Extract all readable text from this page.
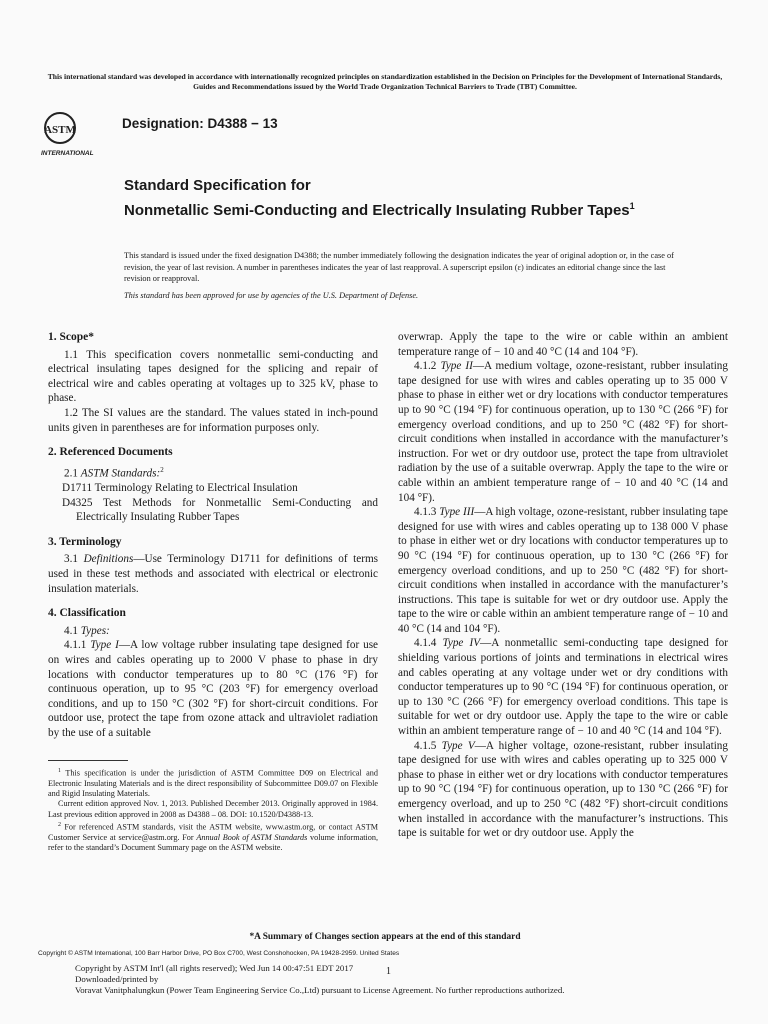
This international standard was developed in accordance with internationally recognized principles on standardization established in the Decision on Principles for the Development of International Standards, Guides and Recommendations issued by the World Trade Organization Technical Barriers to Trade (TBT) Committee.
ASTM
INTERNATIONAL
Designation: D4388 − 13
Standard Specification for
Nonmetallic Semi-Conducting and Electrically Insulating Rubber Tapes$^1$
This standard is issued under the fixed designation D4388; the number immediately following the designation indicates the year of original adoption or, in the case of revision, the year of last revision. A number in parentheses indicates the year of last reapproval. A superscript epsilon (ε) indicates an editorial change since the last revision or reapproval.
This standard has been approved for use by agencies of the U.S. Department of Defense.
1. Scope*

1.1 This specification covers nonmetallic semi-conducting and electrical insulating tapes designed for the splicing and repair of electrical wire and cables operating at voltages up to 325 kV, phase to phase.

1.2 The SI values are the standard. The values stated in inch-pound units given in parentheses are for information purposes only.

2. Referenced Documents

2.1 ASTM Standards:$^2$

D1711 Terminology Relating to Electrical Insulation

D4325 Test Methods for Nonmetallic Semi-Conducting and Electrically Insulating Rubber Tapes

3. Terminology

3.1 Definitions—Use Terminology D1711 for definitions of terms used in these test methods and associated with electrical or electronic insulation materials.

4. Classification

4.1 Types:

4.1.1 Type I—A low voltage rubber insulating tape designed for use on wires and cables operating up to 2000 V phase to phase in dry locations with conductor temperatures up to 80 °C (176 °F) for continuous operation, up to 95 °C (203 °F) for emergency overload conditions, and up to 150 °C (302 °F) for short-circuit conditions. For outdoor use, protect the tape from ozone attack and ultraviolet radiation by the use of a suitable

overwrap. Apply the tape to the wire or cable within an ambient temperature range of − 10 and 40 °C (14 and 104 °F).

4.1.2 Type II—A medium voltage, ozone-resistant, rubber insulating tape designed for use with wires and cables operating up to 35 000 V phase to phase in either wet or dry locations with conductor temperatures up to 90 °C (194 °F) for continuous operation, up to 130 °C (266 °F) for emergency overload conditions, and up to 250 °C (482 °F) for short-circuit conditions when installed in accordance with the manufacturer’s instruction. For wet or dry outdoor use, protect the tape from ultraviolet radiation by the use of a suitable overwrap. Apply the tape to the wire or cable within an ambient temperature range of − 10 and 40 °C (14 and 104 °F).

4.1.3 Type III—A high voltage, ozone-resistant, rubber insulating tape designed for use with wires and cables operating up to 138 000 V phase to phase in either wet or dry locations with conductor temperatures up to 90 °C (194 °F) for continuous operation, up to 130 °C (266 °F) for emergency overload conditions, and up to 250 °C (482 °F) for short-circuit conditions when installed in accordance with the manufacturer’s instructions. This tape is suitable for wet or dry outdoor use. Apply the tape to the wire or cable within an ambient temperature range of − 10 and 40 °C (14 and 104 °F).

4.1.4 Type IV—A nonmetallic semi-conducting tape designed for shielding various portions of joints and terminations in electrical wires and cables operating at any voltage under wet or dry conditions with conductor temperatures up to 90 °C (194 °F) for continuous operation, or up to 130 °C (266 °F) for emergency overload conditions. This tape is suitable for wet or dry outdoor use. Apply the tape to the wire or cable within an ambient temperature range of − 10 and 40 °C (14 and 104 °F).

4.1.5 Type V—A higher voltage, ozone-resistant, rubber insulating tape designed for use with wires and cables operating up to 325 000 V phase to phase in either wet or dry locations with conductor temperatures up to 90 °C (194 °F) for continuous operation, up to 130 °C (266 °F) for emergency overload, and up to 250 °C (482 °F) short-circuit conditions when installed in accordance with the manufacturer’s instructions. This tape is suitable for wet or dry outdoor use. Apply the

$^1$ This specification is under the jurisdiction of ASTM Committee D09 on Electrical and Electronic Insulating Materials and is the direct responsibility of Subcommittee D09.07 on Flexible and Rigid Insulating Materials.

Current edition approved Nov. 1, 2013. Published December 2013. Originally approved in 1984. Last previous edition approved in 2008 as D4388 – 08. DOI: 10.1520/D4388-13.

$^2$ For referenced ASTM standards, visit the ASTM website, www.astm.org, or contact ASTM Customer Service at service@astm.org. For Annual Book of ASTM Standards volume information, refer to the standard’s Document Summary page on the ASTM website.

*A Summary of Changes section appears at the end of this standard
Copyright © ASTM International, 100 Barr Harbor Drive, PO Box C700, West Conshohocken, PA 19428-2959. United States
Copyright by ASTM Int'l (all rights reserved); Wed Jun 14 00:47:51 EDT 2017
Downloaded/printed by
Voravat Vanitphalungkun (Power Team Engineering Service Co.,Ltd) pursuant to License Agreement. No further reproductions authorized.
1
